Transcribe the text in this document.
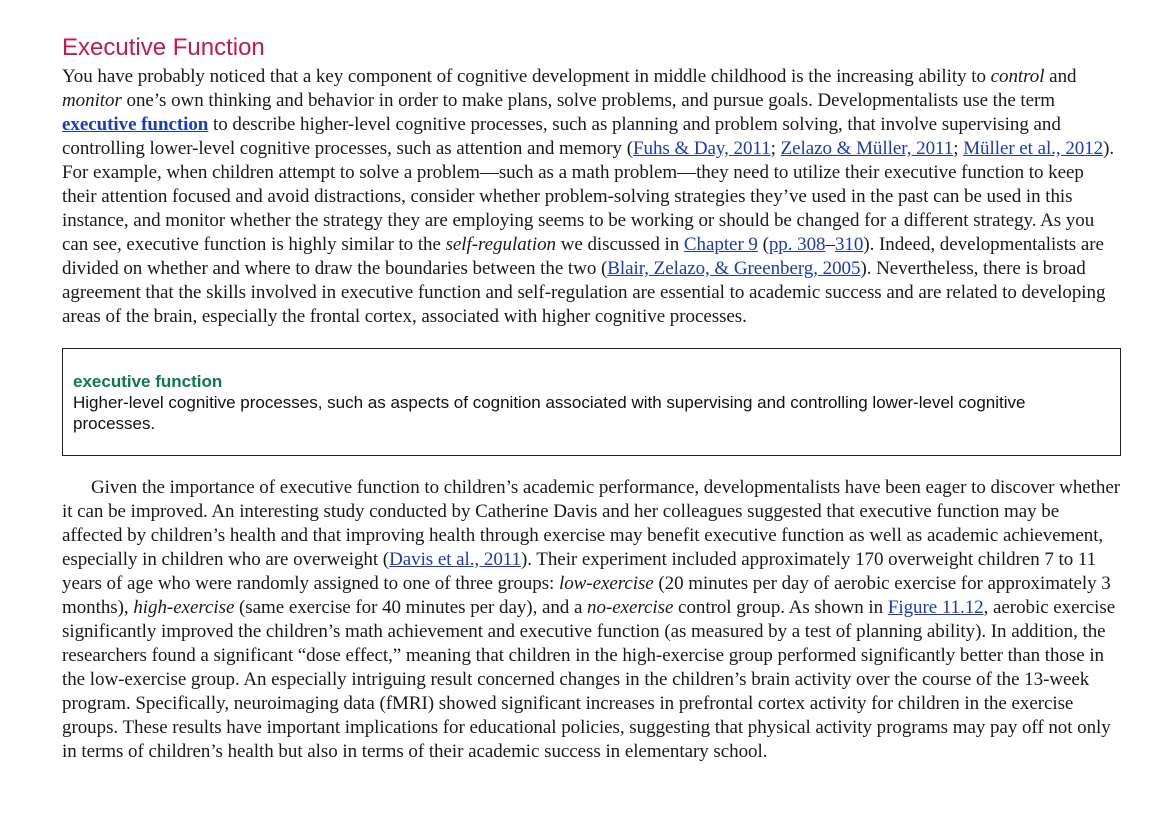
Executive Function

You have probably noticed that a key component of cognitive development in middle childhood is the increasing ability to control and monitor one’s own thinking and behavior in order to make plans, solve problems, and pursue goals. Developmentalists use the term executive function to describe higher-level cognitive processes, such as planning and problem solving, that involve supervising and controlling lower-level cognitive processes, such as attention and memory (Fuhs & Day, 2011; Zelazo & Müller, 2011; Müller et al., 2012). For example, when children attempt to solve a problem—such as a math problem—they need to utilize their executive function to keep their attention focused and avoid distractions, consider whether problem-solving strategies they’ve used in the past can be used in this instance, and monitor whether the strategy they are employing seems to be working or should be changed for a different strategy. As you can see, executive function is highly similar to the self-regulation we discussed in Chapter 9 (pp. 308–310). Indeed, developmentalists are divided on whether and where to draw the boundaries between the two (Blair, Zelazo, & Greenberg, 2005). Nevertheless, there is broad agreement that the skills involved in executive function and self-regulation are essential to academic success and are related to developing areas of the brain, especially the frontal cortex, associated with higher cognitive processes.

executive function

Higher-level cognitive processes, such as aspects of cognition associated with supervising and controlling lower-level cognitive processes.

Given the importance of executive function to children’s academic performance, developmentalists have been eager to discover whether it can be improved. An interesting study conducted by Catherine Davis and her colleagues suggested that executive function may be affected by children’s health and that improving health through exercise may benefit executive function as well as academic achievement, especially in children who are overweight (Davis et al., 2011). Their experiment included approximately 170 overweight children 7 to 11 years of age who were randomly assigned to one of three groups: low-exercise (20 minutes per day of aerobic exercise for approximately 3 months), high-exercise (same exercise for 40 minutes per day), and a no-exercise control group. As shown in Figure 11.12, aerobic exercise significantly improved the children’s math achievement and executive function (as measured by a test of planning ability). In addition, the researchers found a significant “dose effect,” meaning that children in the high-exercise group performed significantly better than those in the low-exercise group. An especially intriguing result concerned changes in the children’s brain activity over the course of the 13-week program. Specifically, neuroimaging data (fMRI) showed significant increases in prefrontal cortex activity for children in the exercise groups. These results have important implications for educational policies, suggesting that physical activity programs may pay off not only in terms of children’s health but also in terms of their academic success in elementary school.
